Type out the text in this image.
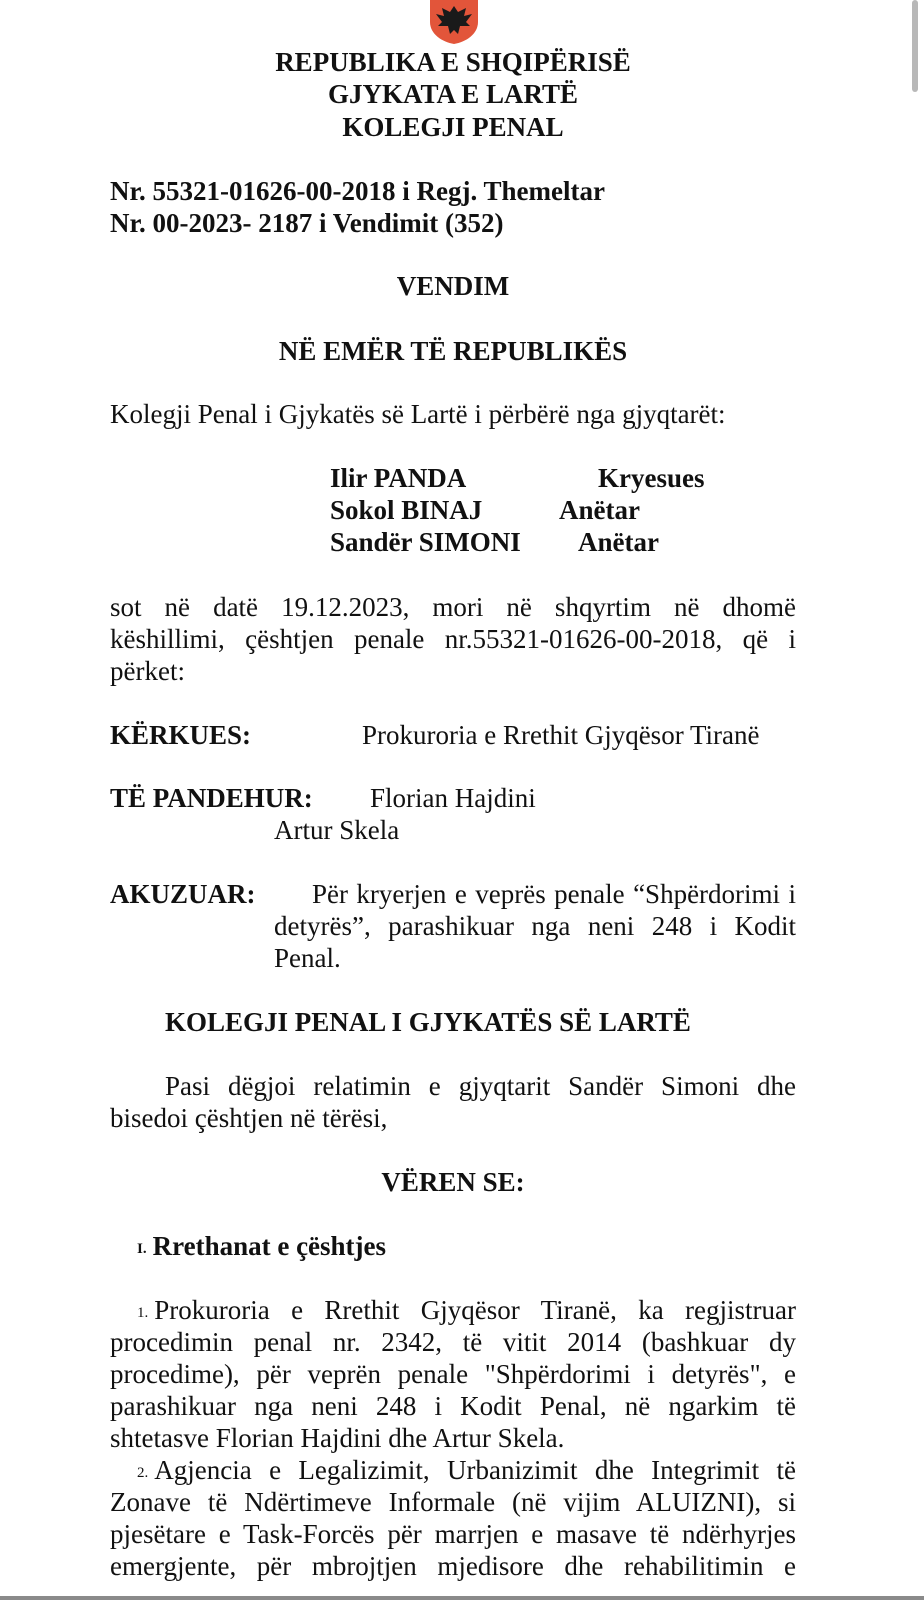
REPUBLIKA E SHQIPËRISË
GJYKATA E LARTË
KOLEGJI PENAL
Nr. 55321-01626-00-2018 i Regj. Themeltar
Nr. 00-2023- 2187 i Vendimit (352)
VENDIM
NË EMËR TË REPUBLIKËS
Kolegji Penal i Gjykatës së Lartë i përbërë nga gjyqtarët:
Ilir PANDA	Kryesues
Sokol BINAJ	Anëtar
Sandër SIMONI Anëtar
sot në datë 19.12.2023, mori në shqyrtim në dhomë
këshillimi, çështjen penale nr.55321-01626-00-2018, që i
përket:
KËRKUES:	Prokuroria e Rrethit Gjyqësor Tiranë
TË PANDEHUR: Florian Hajdini
Artur Skela
AKUZUAR: Për kryerjen e veprës penale “Shpërdorimi i
detyrës”, parashikuar nga neni 248 i Kodit
Penal.
KOLEGJI PENAL I GJYKATËS SË LARTË
Pasi dëgjoi relatimin e gjyqtarit Sandër Simoni dhe
bisedoi çështjen në tërësi,
VËREN SE:
I. Rrethanat e çështjes
1. Prokuroria e Rrethit Gjyqësor Tiranë, ka regjistruar
procedimin penal nr. 2342, të vitit 2014 (bashkuar dy
procedime), për veprën penale "Shpërdorimi i detyrës", e
parashikuar nga neni 248 i Kodit Penal, në ngarkim të
shtetasve Florian Hajdini dhe Artur Skela.
2. Agjencia e Legalizimit, Urbanizimit dhe Integrimit të
Zonave të Ndërtimeve Informale (në vijim ALUIZNI), si
pjesëtare e Task-Forcës për marrjen e masave të ndërhyrjes
emergjente, për mbrojtjen mjedisore dhe rehabilitimin e
